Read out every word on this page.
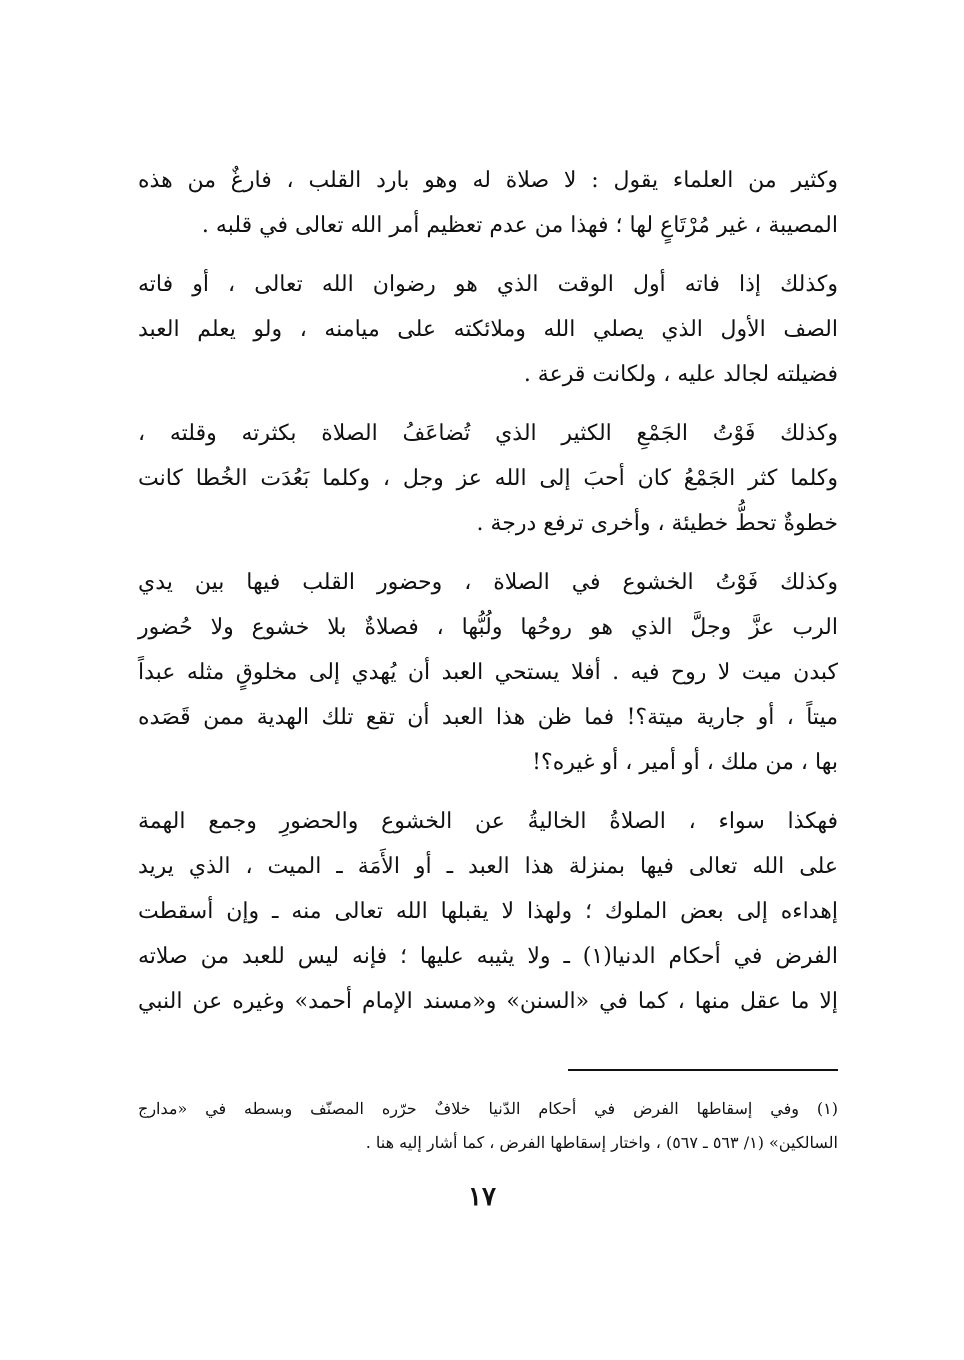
وكثير من العلماء يقول : لا صلاة له وهو بارد القلب ، فارغٌ من هذه
المصيبة ، غير مُرْتَاعٍ لها ؛ فهذا من عدم تعظيم أمر الله تعالى في قلبه .

وكذلك إذا فاته أول الوقت الذي هو رضوان الله تعالى ، أو فاته
الصف الأول الذي يصلي الله وملائكته على ميامنه ، ولو يعلم العبد
فضيلته لجالد عليه ، ولكانت قرعة .

وكذلك فَوْتُ الجَمْعِ الكثير الذي تُضاعَفُ الصلاة بكثرته وقلته ،
وكلما كثر الجَمْعُ كان أحبَ إلى الله عز وجل ، وكلما بَعُدَت الخُطا كانت
خطوةٌ تحطُّ خطيئة ، وأخرى ترفع درجة .

وكذلك فَوْتُ الخشوع في الصلاة ، وحضور القلب فيها بين يدي
الرب عزَّ وجلَّ الذي هو روحُها ولُبُّها ، فصلاةٌ بلا خشوع ولا حُضور
كبدن ميت لا روح فيه . أفلا يستحي العبد أن يُهدي إلى مخلوقٍ مثله عبداً
ميتاً ، أو جارية ميتة؟! فما ظن هذا العبد أن تقع تلك الهدية ممن قَصَده
بها ، من ملك ، أو أمير ، أو غيره؟!

فهكذا سواء ، الصلاةُ الخاليةُ عن الخشوع والحضورِ وجمع الهمة
على الله تعالى فيها بمنزلة هذا العبد ـ أو الأَمَة ـ الميت ، الذي يريد
إهداءه إلى بعض الملوك ؛ ولهذا لا يقبلها الله تعالى منه ـ وإن أسقطت
الفرض في أحكام الدنيا(١) ـ ولا يثيبه عليها ؛ فإنه ليس للعبد من صلاته
إلا ما عقل منها ، كما في «السنن» و«مسند الإمام أحمد» وغيره عن النبي

(١) وفي إسقاطها الفرض في أحكام الدّنيا خلافٌ حرّره المصنّف وبسطه في «مدارج
السالكين» (١/ ٥٦٣ ـ ٥٦٧) ، واختار إسقاطها الفرض ، كما أشار إليه هنا .
١٧
